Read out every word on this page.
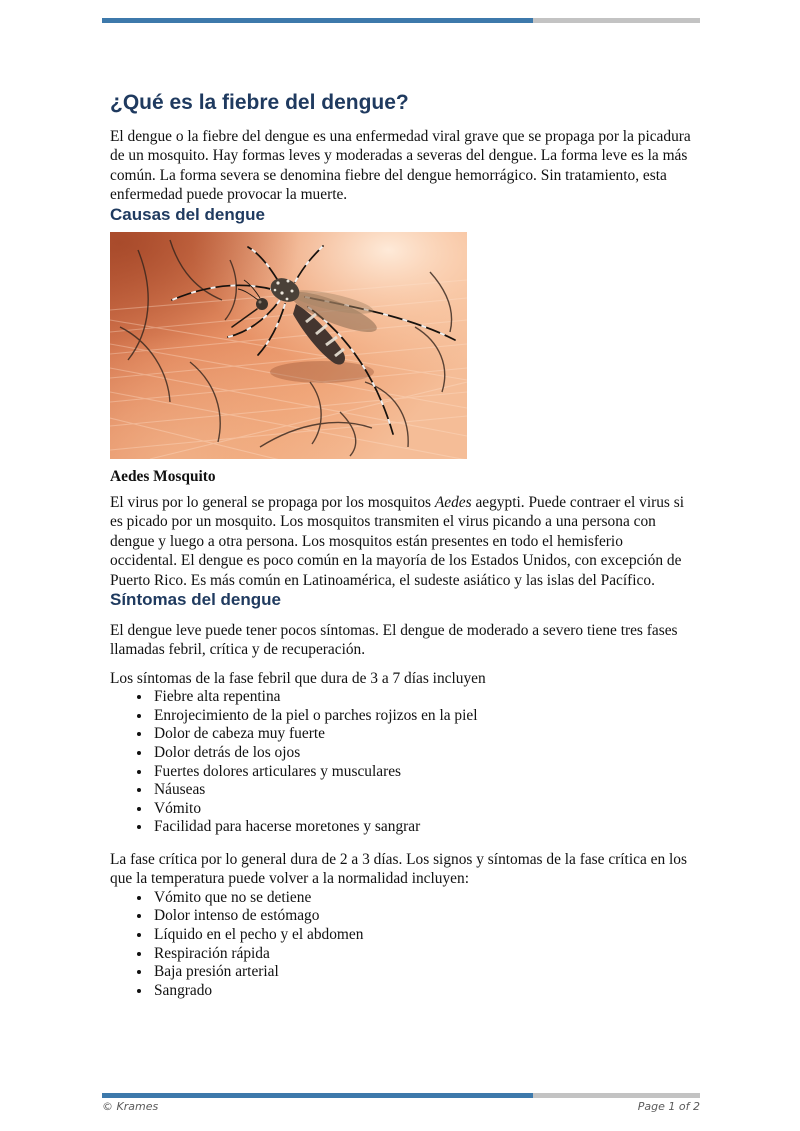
¿Qué es la fiebre del dengue?

El dengue o la fiebre del dengue es una enfermedad viral grave que se propaga por la picadura de un mosquito. Hay formas leves y moderadas a severas del dengue. La forma leve es la más común. La forma severa se denomina fiebre del dengue hemorrágico. Sin tratamiento, esta enfermedad puede provocar la muerte.

Causas del dengue

Aedes Mosquito

El virus por lo general se propaga por los mosquitos Aedes aegypti. Puede contraer el virus si es picado por un mosquito. Los mosquitos transmiten el virus picando a una persona con dengue y luego a otra persona. Los mosquitos están presentes en todo el hemisferio occidental. El dengue es poco común en la mayoría de los Estados Unidos, con excepción de Puerto Rico. Es más común en Latinoamérica, el sudeste asiático y las islas del Pacífico.

Síntomas del dengue

El dengue leve puede tener pocos síntomas. El dengue de moderado a severo tiene tres fases llamadas febril, crítica y de recuperación.

Los síntomas de la fase febril que dura de 3 a 7 días incluyen

• Fiebre alta repentina
• Enrojecimiento de la piel o parches rojizos en la piel
• Dolor de cabeza muy fuerte
• Dolor detrás de los ojos
• Fuertes dolores articulares y musculares
• Náuseas
• Vómito
• Facilidad para hacerse moretones y sangrar

La fase crítica por lo general dura de 2 a 3 días. Los signos y síntomas de la fase crítica en los que la temperatura puede volver a la normalidad incluyen:

• Vómito que no se detiene
• Dolor intenso de estómago
• Líquido en el pecho y el abdomen
• Respiración rápida
• Baja presión arterial
• Sangrado
© Krames	Page 1 of 2
